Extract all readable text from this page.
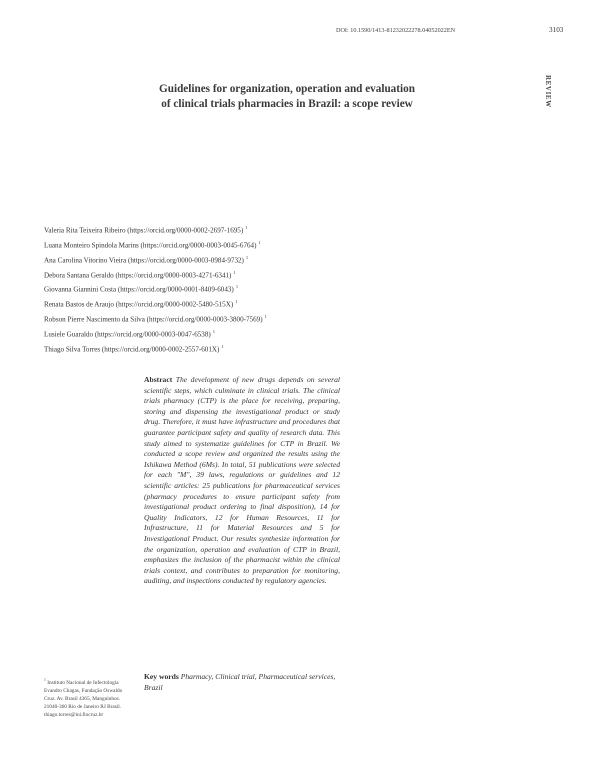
DOI: 10.1590/1413-81232022278.04052022EN	3103
REVIEW
Guidelines for organization, operation and evaluation
of clinical trials pharmacies in Brazil: a scope review
Valeria Rita Teixeira Ribeiro (https://orcid.org/0000-0002-2697-1695) $^1$
Luana Monteiro Spindola Marins (https://orcid.org/0000-0003-0045-6764) $^1$
Ana Carolina Vitorino Vieira (https://orcid.org/0000-0003-0984-9732) $^1$
Debora Santana Geraldo (https://orcid.org/0000-0003-4271-6341) $^1$
Giovanna Giannini Costa (https://orcid.org/0000-0001-8409-6043) $^1$
Renata Bastos de Araujo (https://orcid.org/0000-0002-5480-515X) $^1$
Robson Pierre Nascimento da Silva (https://orcid.org/0000-0003-3800-7569) $^1$
Lusiele Guaraldo (https://orcid.org/0000-0003-0047-6538) $^1$
Thiago Silva Torres (https://orcid.org/0000-0002-2557-601X) $^1$
Abstract The development of new drugs depends on several scientific steps, which culminate in clinical trials. The clinical trials pharmacy (CTP) is the place for receiving, preparing, storing and dispensing the investigational product or study drug. Therefore, it must have infrastructure and procedures that guarantee participant safety and quality of research data. This study aimed to systematize guidelines for CTP in Brazil. We conducted a scope review and organized the results using the Ishikawa Method (6Ms). In total, 51 publications were selected for each "M", 39 laws, regulations or guidelines and 12 scientific articles: 25 publications for pharmaceutical services (pharmacy procedures to ensure participant safety from investigational product ordering to final disposition), 14 for Quality Indicators, 12 for Human Resources, 11 for Infrastructure, 11 for Material Resources and 5 for Investigational Product. Our results synthesize information for the organization, operation and evaluation of CTP in Brazil, emphasizes the inclusion of the pharmacist within the clinical trials context, and contributes to preparation for monitoring, auditing, and inspections conducted by regulatory agencies.
Key words Pharmacy, Clinical trial, Pharmaceutical services, Brazil
$^1$ Instituto Nacional de Infectologia Evandro Chagas, Fundação Oswaldo Cruz. Av. Brasil 4365, Manguinhos. 21040-360 Rio de Janeiro RJ Brasil. thiago.torres@ini.fiocruz.br
